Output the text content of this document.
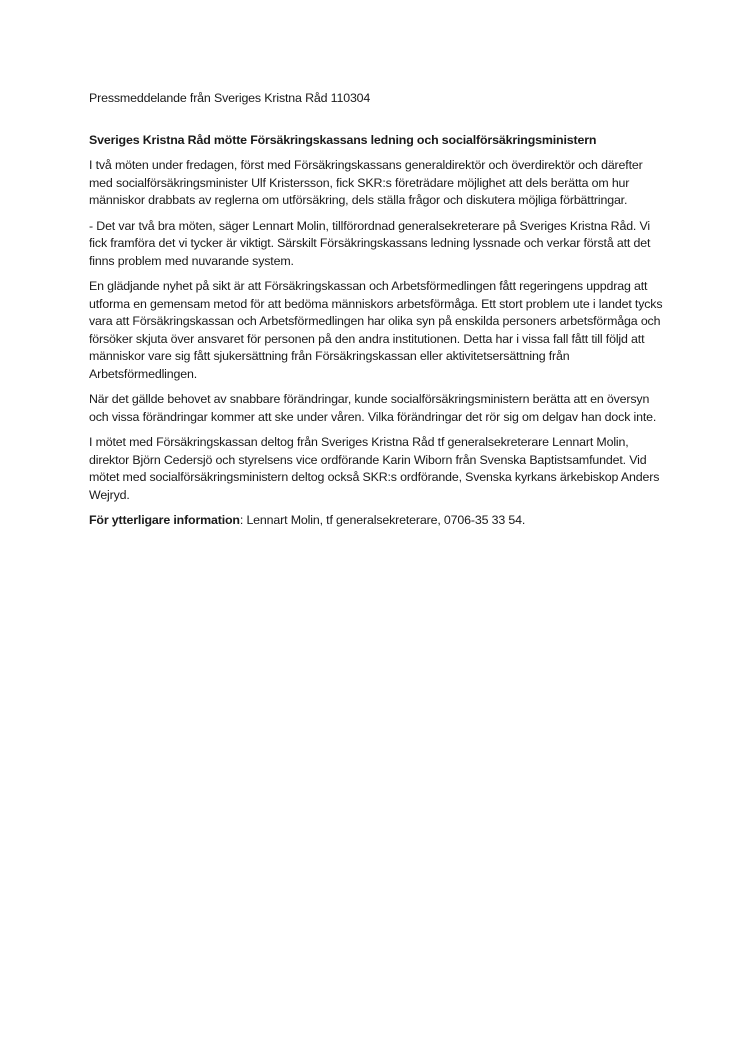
Pressmeddelande från Sveriges Kristna Råd 110304

Sveriges Kristna Råd mötte Försäkringskassans ledning och socialförsäkringsministern

I två möten under fredagen, först med Försäkringskassans generaldirektör och överdirektör och därefter med socialförsäkringsminister Ulf Kristersson, fick SKR:s företrädare möjlighet att dels berätta om hur människor drabbats av reglerna om utförsäkring, dels ställa frågor och diskutera möjliga förbättringar.

- Det var två bra möten, säger Lennart Molin, tillförordnad generalsekreterare på Sveriges Kristna Råd. Vi fick framföra det vi tycker är viktigt. Särskilt Försäkringskassans ledning lyssnade och verkar förstå att det finns problem med nuvarande system.

En glädjande nyhet på sikt är att Försäkringskassan och Arbetsförmedlingen fått regeringens uppdrag att utforma en gemensam metod för att bedöma människors arbetsförmåga. Ett stort problem ute i landet tycks vara att Försäkringskassan och Arbetsförmedlingen har olika syn på enskilda personers arbetsförmåga och försöker skjuta över ansvaret för personen på den andra institutionen. Detta har i vissa fall fått till följd att människor vare sig fått sjukersättning från Försäkringskassan eller aktivitetsersättning från Arbetsförmedlingen.

När det gällde behovet av snabbare förändringar, kunde socialförsäkringsministern berätta att en översyn och vissa förändringar kommer att ske under våren. Vilka förändringar det rör sig om delgav han dock inte.

I mötet med Försäkringskassan deltog från Sveriges Kristna Råd tf generalsekreterare Lennart Molin, direktor Björn Cedersjö och styrelsens vice ordförande Karin Wiborn från Svenska Baptistsamfundet. Vid mötet med socialförsäkringsministern deltog också SKR:s ordförande, Svenska kyrkans ärkebiskop Anders Wejryd.

För ytterligare information: Lennart Molin, tf generalsekreterare, 0706-35 33 54.
